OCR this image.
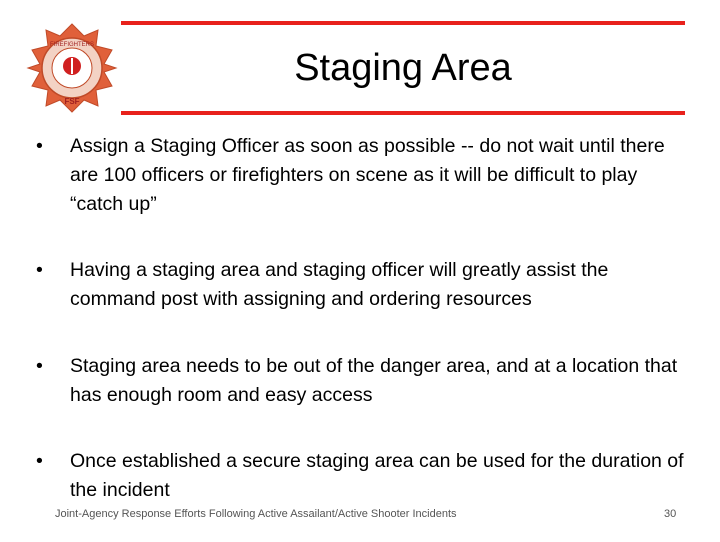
FIREFIGHTERS
FSF
Staging Area
•	Assign a Staging Officer as soon as possible -- do not wait until there are 100 officers or firefighters on scene as it will be difficult to play “catch up”
•	Having a staging area and staging officer will greatly assist the command post with assigning and ordering resources
•	Staging area needs to be out of the danger area, and at a location that has enough room and easy access
•	Once established a secure staging area can be used for the duration of the incident
Joint-Agency Response Efforts Following Active Assailant/Active Shooter Incidents	30
